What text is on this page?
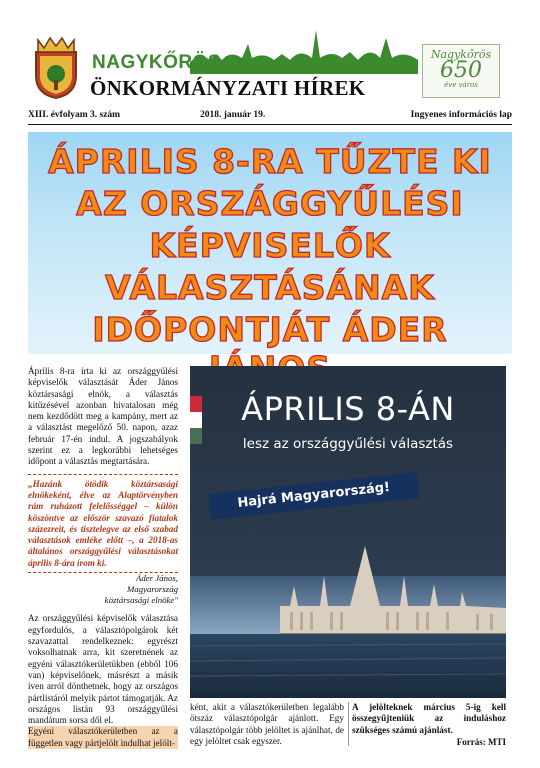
NAGYKŐRÖS
ÖNKORMÁNYZATI HÍREK
Nagykőrös
650
éve város
XIII. évfolyam 3. szám	2018. január 19.	Ingyenes információs lap
ÁPRILIS 8-RA TŰZTE KI
AZ ORSZÁGGYŰLÉSI
KÉPVISELŐK
VÁLASZTÁSÁNAK
IDŐPONTJÁT ÁDER

Április 8-ra írta ki az országgyűlési képviselők választását Áder János köztársasági elnök, a választás kitűzésével azonban hivatalosan még nem kezdődött meg a kampány, mert az a választást megelőző 50. napon, azaz február 17-én indul. A jogszabályok szerint ez a legkorábbi lehetséges időpont a választás megtartására.

„Hazánk ötödik köztársasági elnökeként, élve az Alaptörvényben rám ruházott felelősséggel – külön köszöntve az először szavazó fiatalok százezreit, és tisztelegve az első szabad választások emléke előtt –, a 2018-as általános országgyűlési választásokat április 8-ára írom ki.

Áder János,
Magyarország
köztársasági elnöke"

Az országgyűlési képviselők választása egyfordulós, a választópolgárok két szavazattal rendelkeznek: egyrészt voksolhatnak arra, kit szeretnének az egyéni választókerületükben (ebből 106 van) képviselőnek, másrészt a másik íven arról dönthetnek, hogy az országos pártlistáról melyik pártot támogatják. Az országos listán 93 országgyűlési mandátum sorsa dől el.

Egyéni választókerületben az a független vagy pártjelölt indulhat jelölt-

ÁPRILIS 8-ÁN
lesz az országgyűlési választás
Hajrá Magyarország!

ként, akit a választókerületben legalább ötszáz választópolgár ajánlott. Egy választópolgár több jelöltet is ajánlhat, de egy jelöltet csak egyszer.

A jelölteknek március 5-ig kell összegyűjteniük az induláshoz szükséges számú ajánlást.

Forrás: MTI
